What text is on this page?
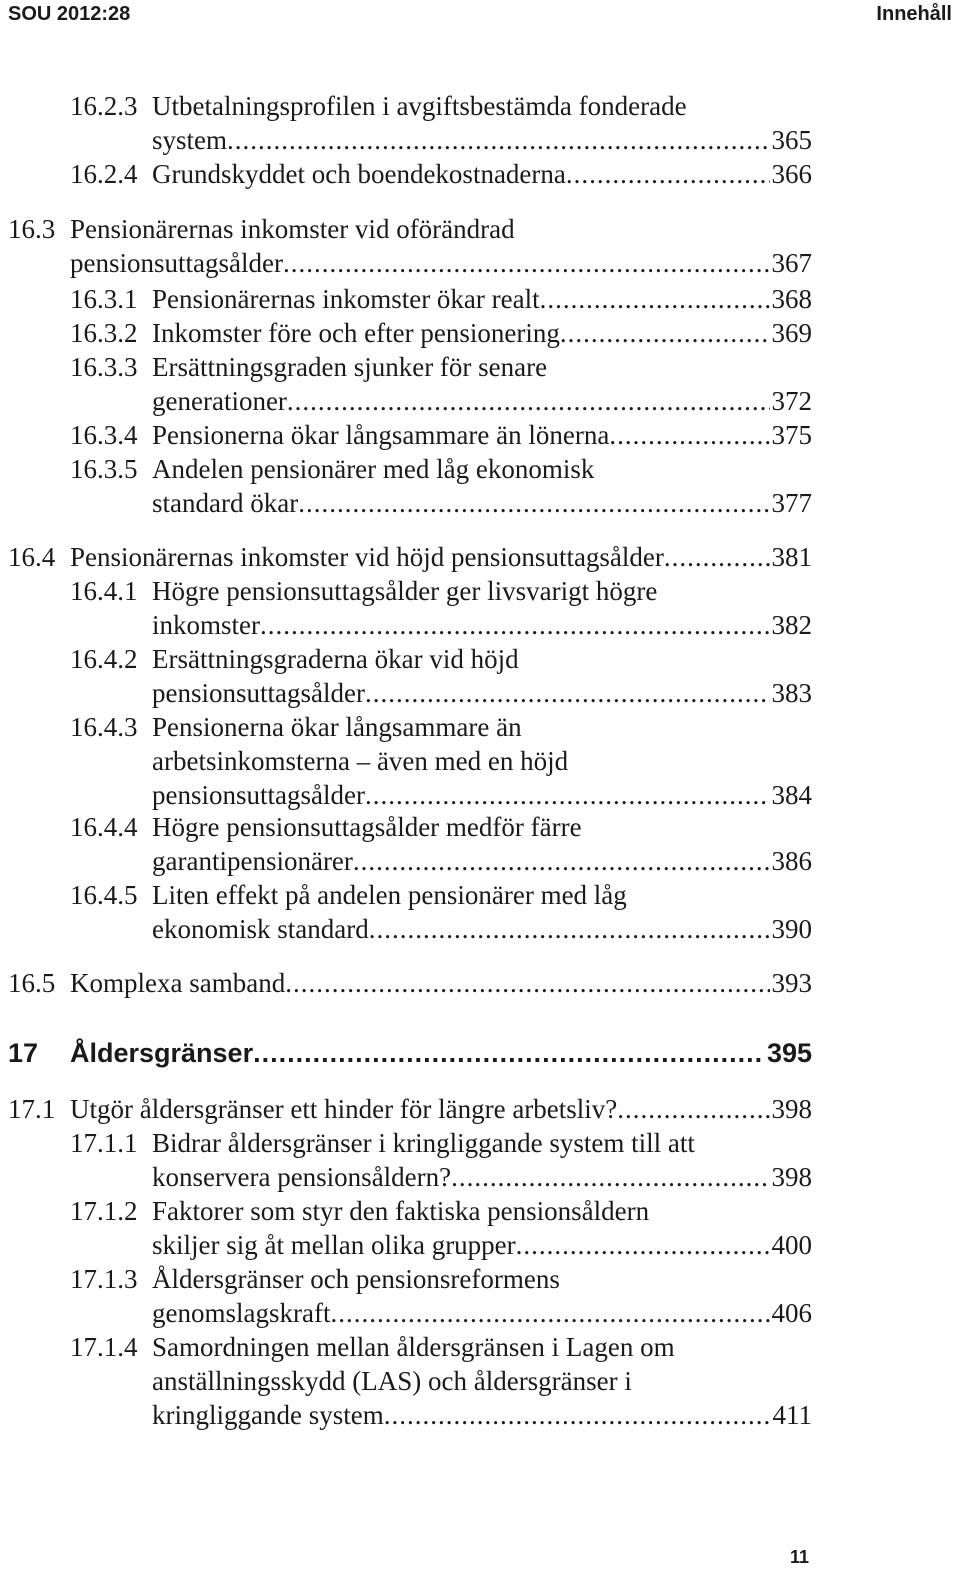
SOU 2012:28	Innehåll
16.2.3 Utbetalningsprofilen i avgiftsbestämda fonderade
system .....	365
16.2.4 Grundskyddet och boendekostnaderna .....	366
16.3 Pensionärernas inkomster vid oförändrad
pensionsuttagsålder .....	367
16.3.1 Pensionärernas inkomster ökar realt .....	368
16.3.2 Inkomster före och efter pensionering .....	369
16.3.3 Ersättningsgraden sjunker för senare
generationer .....	372
16.3.4 Pensionerna ökar långsammare än lönerna .....	375
16.3.5 Andelen pensionärer med låg ekonomisk
standard ökar .....	377
16.4 Pensionärernas inkomster vid höjd pensionsuttagsålder .....	381
16.4.1 Högre pensionsuttagsålder ger livsvarigt högre
inkomster .....	382
16.4.2 Ersättningsgraderna ökar vid höjd
pensionsuttagsålder .....	383
16.4.3 Pensionerna ökar långsammare än
arbetsinkomsterna – även med en höjd
pensionsuttagsålder .....	384
16.4.4 Högre pensionsuttagsålder medför färre
garantipensionärer .....	386
16.4.5 Liten effekt på andelen pensionärer med låg
ekonomisk standard .....	390
16.5 Komplexa samband .....	393
17 Åldersgränser .....	395
17.1 Utgör åldersgränser ett hinder för längre arbetsliv? .....	398
17.1.1 Bidrar åldersgränser i kringliggande system till att
konservera pensionsåldern? .....	398
17.1.2 Faktorer som styr den faktiska pensionsåldern
skiljer sig åt mellan olika grupper .....	400
17.1.3 Åldersgränser och pensionsreformens
genomslagskraft .....	406
17.1.4 Samordningen mellan åldersgränsen i Lagen om
anställningsskydd (LAS) och åldersgränser i
kringliggande system .....	411
11
